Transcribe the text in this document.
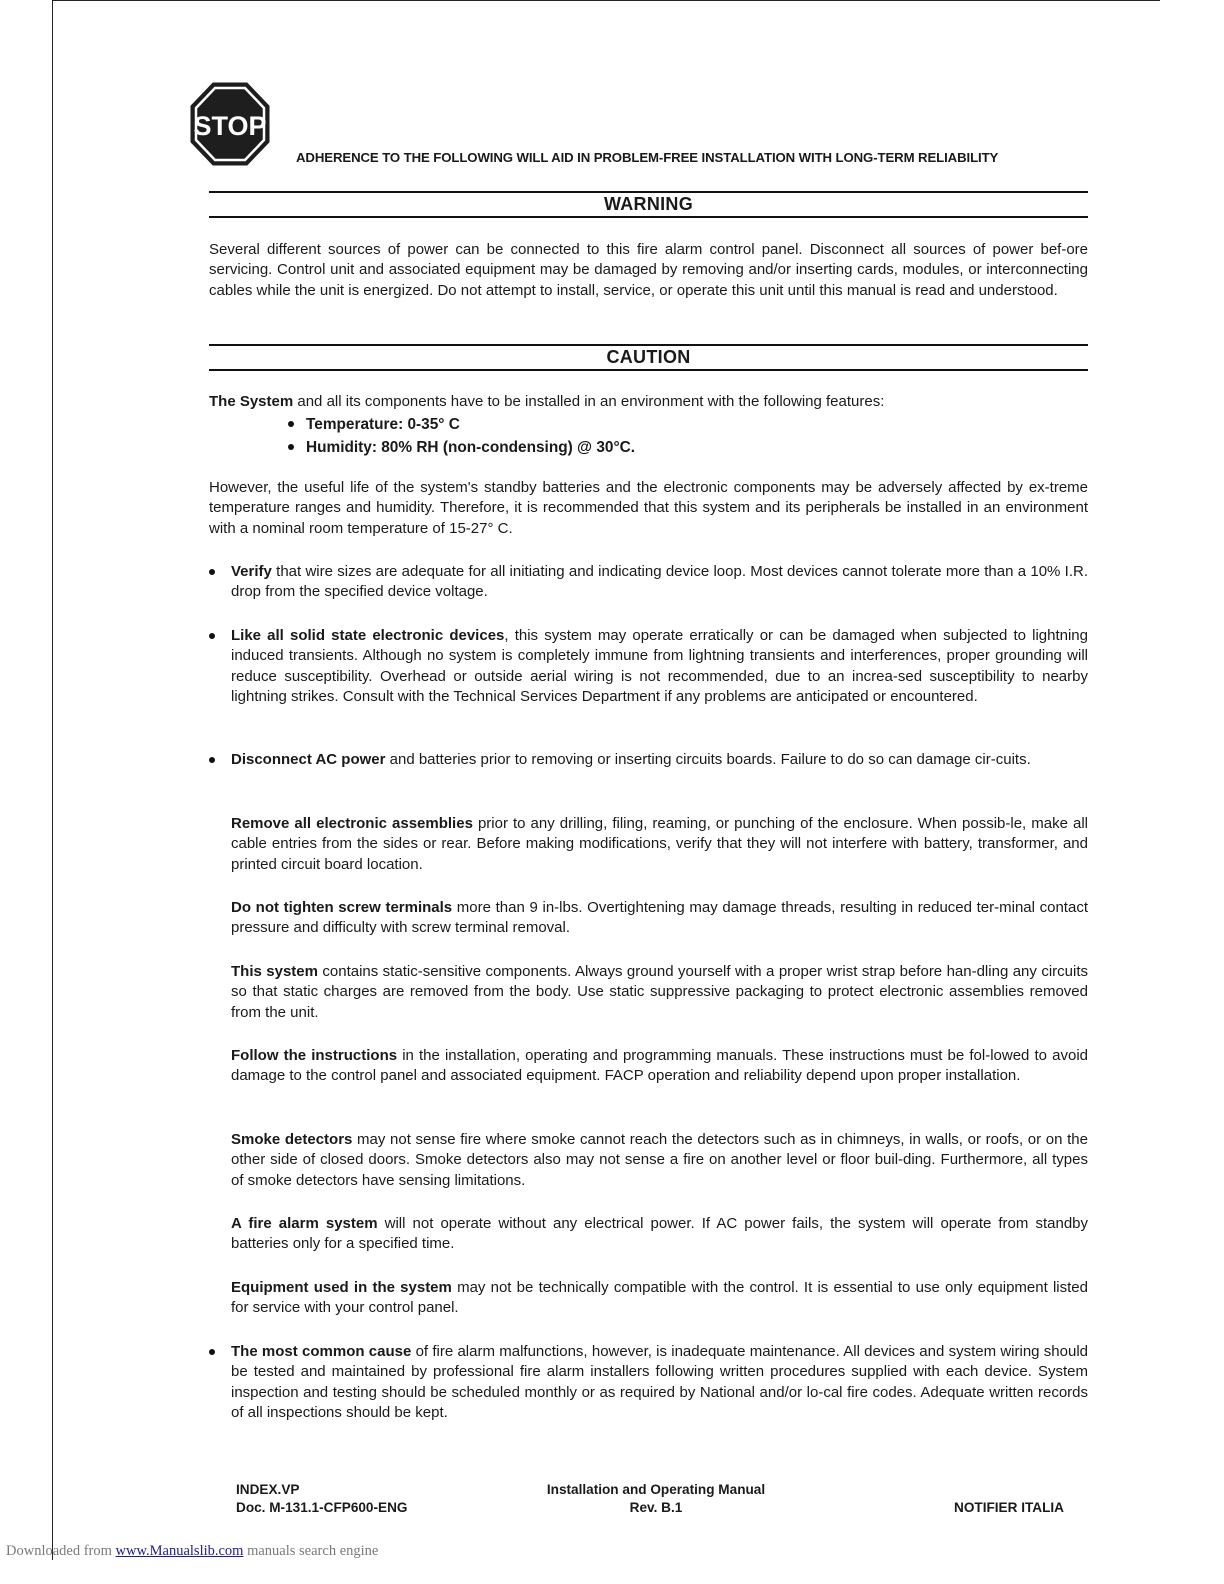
STOP
ADHERENCE TO THE FOLLOWING WILL AID IN PROBLEM-FREE INSTALLATION WITH LONG-TERM RELIABILITY
WARNING
Several different sources of power can be connected to this fire alarm control panel. Disconnect all sources of power bef-ore servicing. Control unit and associated equipment may be damaged by removing and/or inserting cards, modules, or interconnecting cables while the unit is energized. Do not attempt to install, service, or operate this unit until this manual is read and understood.
CAUTION
The System and all its components have to be installed in an environment with the following features:
Temperature: 0-35° C
Humidity: 80% RH (non-condensing) @ 30°C.
However, the useful life of the system's standby batteries and the electronic components may be adversely affected by ex-treme temperature ranges and humidity. Therefore, it is recommended that this system and its peripherals be installed in an environment with a nominal room temperature of 15-27° C.
Verify that wire sizes are adequate for all initiating and indicating device loop. Most devices cannot tolerate more than a 10% I.R. drop from the specified device voltage.
Like all solid state electronic devices, this system may operate erratically or can be damaged when subjected to lightning induced transients. Although no system is completely immune from lightning transients and interferences, proper grounding will reduce susceptibility. Overhead or outside aerial wiring is not recommended, due to an increa-sed susceptibility to nearby lightning strikes. Consult with the Technical Services Department if any problems are anticipated or encountered.
Disconnect AC power and batteries prior to removing or inserting circuits boards. Failure to do so can damage cir-cuits.
Remove all electronic assemblies prior to any drilling, filing, reaming, or punching of the enclosure. When possib-le, make all cable entries from the sides or rear. Before making modifications, verify that they will not interfere with battery, transformer, and printed circuit board location.
Do not tighten screw terminals more than 9 in-lbs. Overtightening may damage threads, resulting in reduced ter-minal contact pressure and difficulty with screw terminal removal.
This system contains static-sensitive components. Always ground yourself with a proper wrist strap before han-dling any circuits so that static charges are removed from the body. Use static suppressive packaging to protect electronic assemblies removed from the unit.
Follow the instructions in the installation, operating and programming manuals. These instructions must be fol-lowed to avoid damage to the control panel and associated equipment. FACP operation and reliability depend upon proper installation.
Smoke detectors may not sense fire where smoke cannot reach the detectors such as in chimneys, in walls, or roofs, or on the other side of closed doors. Smoke detectors also may not sense a fire on another level or floor buil-ding. Furthermore, all types of smoke detectors have sensing limitations.
A fire alarm system will not operate without any electrical power. If AC power fails, the system will operate from standby batteries only for a specified time.
Equipment used in the system may not be technically compatible with the control. It is essential to use only equipment listed for service with your control panel.
The most common cause of fire alarm malfunctions, however, is inadequate maintenance. All devices and system wiring should be tested and maintained by professional fire alarm installers following written procedures supplied with each device. System inspection and testing should be scheduled monthly or as required by National and/or lo-cal fire codes. Adequate written records of all inspections should be kept.
INDEX.VP
Doc. M-131.1-CFP600-ENG
Installation and Operating Manual
Rev. B.1	NOTIFIER ITALIA
Downloaded from www.Manualslib.com manuals search engine
